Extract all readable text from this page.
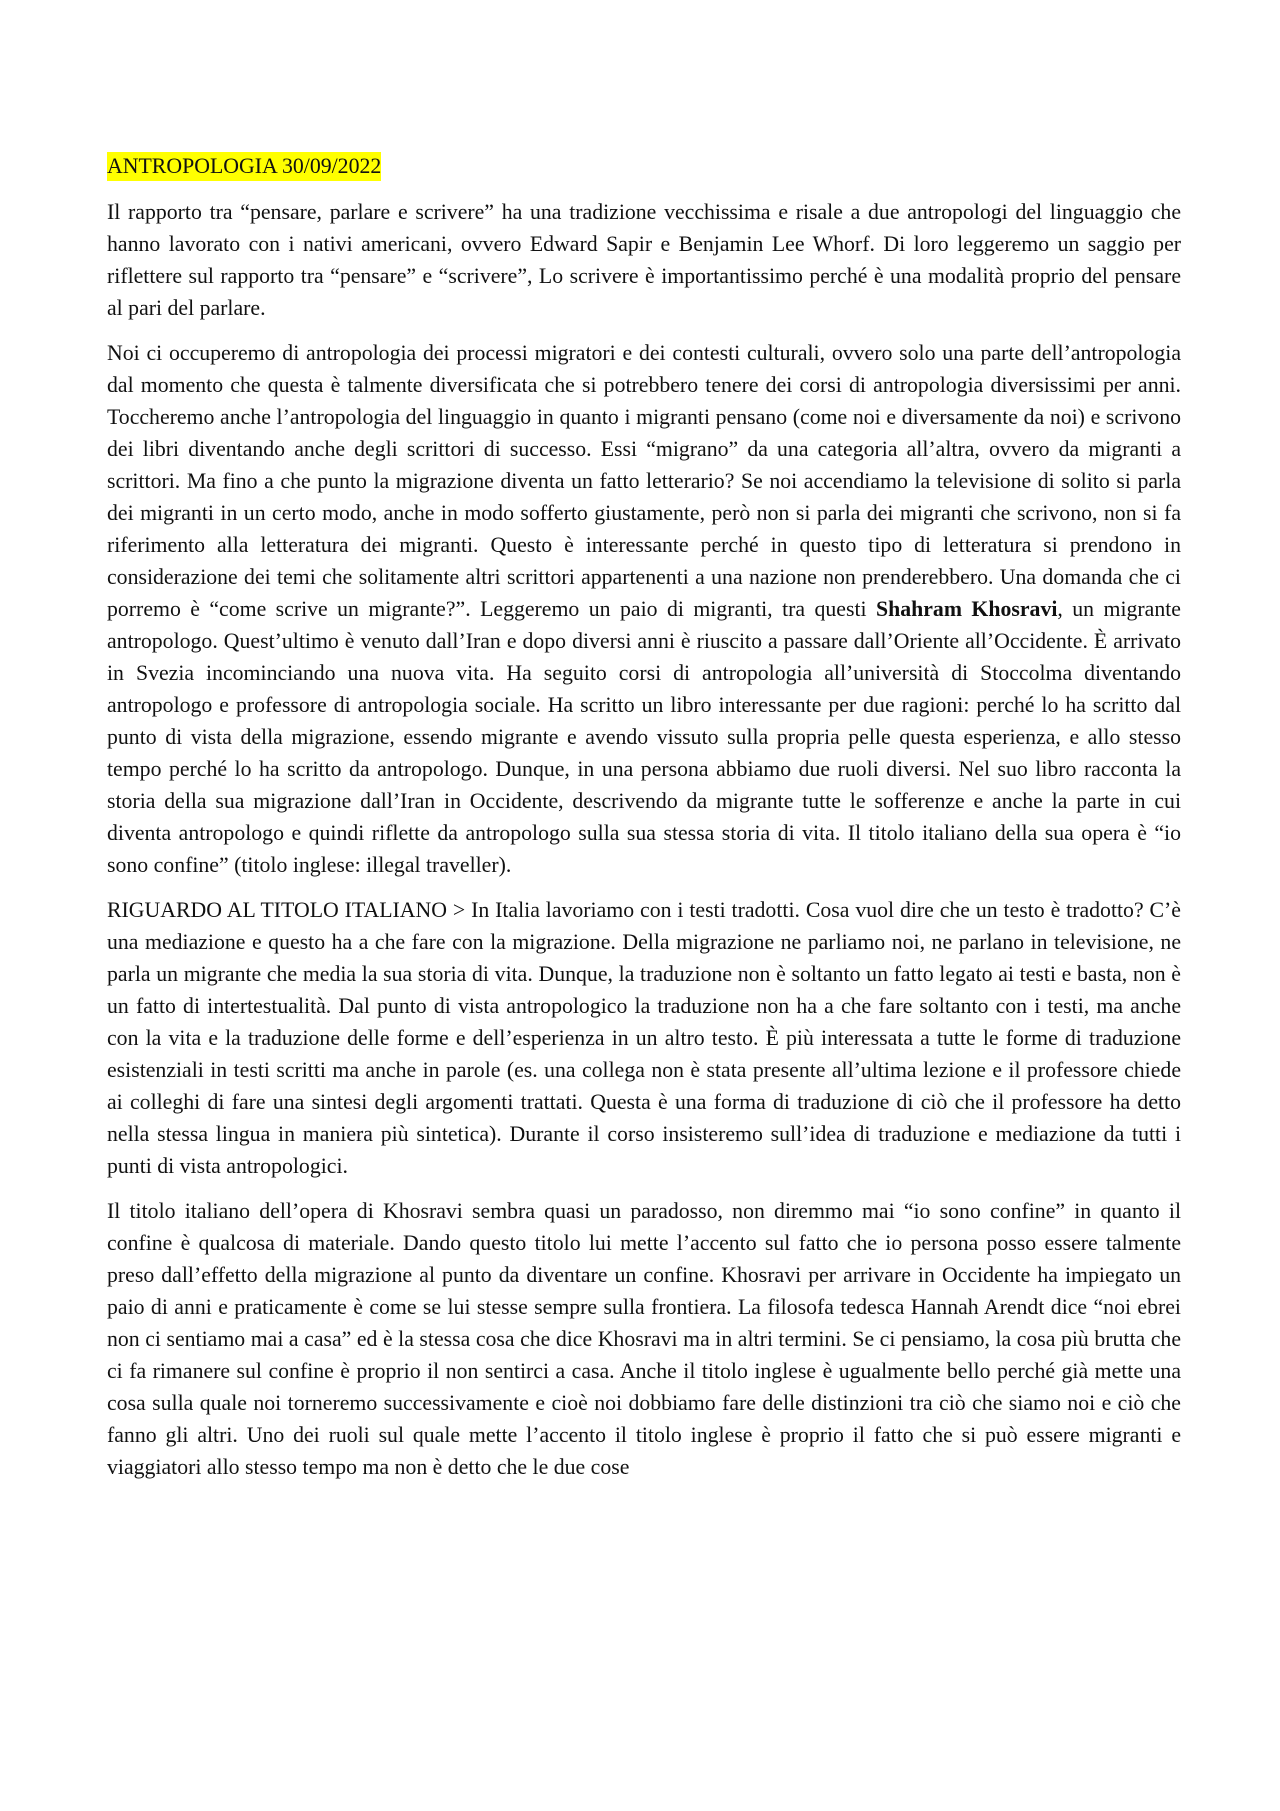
ANTROPOLOGIA 30/09/2022

Il rapporto tra “pensare, parlare e scrivere” ha una tradizione vecchissima e risale a due antropologi del linguaggio che hanno lavorato con i nativi americani, ovvero Edward Sapir e Benjamin Lee Whorf. Di loro leggeremo un saggio per riflettere sul rapporto tra “pensare” e “scrivere”, Lo scrivere è importantissimo perché è una modalità proprio del pensare al pari del parlare.

Noi ci occuperemo di antropologia dei processi migratori e dei contesti culturali, ovvero solo una parte dell’antropologia dal momento che questa è talmente diversificata che si potrebbero tenere dei corsi di antropologia diversissimi per anni. Toccheremo anche l’antropologia del linguaggio in quanto i migranti pensano (come noi e diversamente da noi) e scrivono dei libri diventando anche degli scrittori di successo. Essi “migrano” da una categoria all’altra, ovvero da migranti a scrittori. Ma fino a che punto la migrazione diventa un fatto letterario? Se noi accendiamo la televisione di solito si parla dei migranti in un certo modo, anche in modo sofferto giustamente, però non si parla dei migranti che scrivono, non si fa riferimento alla letteratura dei migranti. Questo è interessante perché in questo tipo di letteratura si prendono in considerazione dei temi che solitamente altri scrittori appartenenti a una nazione non prenderebbero. Una domanda che ci porremo è “come scrive un migrante?”. Leggeremo un paio di migranti, tra questi Shahram Khosravi, un migrante antropologo. Quest’ultimo è venuto dall’Iran e dopo diversi anni è riuscito a passare dall’Oriente all’Occidente. È arrivato in Svezia incominciando una nuova vita. Ha seguito corsi di antropologia all’università di Stoccolma diventando antropologo e professore di antropologia sociale. Ha scritto un libro interessante per due ragioni: perché lo ha scritto dal punto di vista della migrazione, essendo migrante e avendo vissuto sulla propria pelle questa esperienza, e allo stesso tempo perché lo ha scritto da antropologo. Dunque, in una persona abbiamo due ruoli diversi. Nel suo libro racconta la storia della sua migrazione dall’Iran in Occidente, descrivendo da migrante tutte le sofferenze e anche la parte in cui diventa antropologo e quindi riflette da antropologo sulla sua stessa storia di vita. Il titolo italiano della sua opera è “io sono confine” (titolo inglese: illegal traveller).

RIGUARDO AL TITOLO ITALIANO > In Italia lavoriamo con i testi tradotti. Cosa vuol dire che un testo è tradotto? C’è una mediazione e questo ha a che fare con la migrazione. Della migrazione ne parliamo noi, ne parlano in televisione, ne parla un migrante che media la sua storia di vita. Dunque, la traduzione non è soltanto un fatto legato ai testi e basta, non è un fatto di intertestualità. Dal punto di vista antropologico la traduzione non ha a che fare soltanto con i testi, ma anche con la vita e la traduzione delle forme e dell’esperienza in un altro testo. È più interessata a tutte le forme di traduzione esistenziali in testi scritti ma anche in parole (es. una collega non è stata presente all’ultima lezione e il professore chiede ai colleghi di fare una sintesi degli argomenti trattati. Questa è una forma di traduzione di ciò che il professore ha detto nella stessa lingua in maniera più sintetica). Durante il corso insisteremo sull’idea di traduzione e mediazione da tutti i punti di vista antropologici.

Il titolo italiano dell’opera di Khosravi sembra quasi un paradosso, non diremmo mai “io sono confine” in quanto il confine è qualcosa di materiale. Dando questo titolo lui mette l’accento sul fatto che io persona posso essere talmente preso dall’effetto della migrazione al punto da diventare un confine. Khosravi per arrivare in Occidente ha impiegato un paio di anni e praticamente è come se lui stesse sempre sulla frontiera. La filosofa tedesca Hannah Arendt dice “noi ebrei non ci sentiamo mai a casa” ed è la stessa cosa che dice Khosravi ma in altri termini. Se ci pensiamo, la cosa più brutta che ci fa rimanere sul confine è proprio il non sentirci a casa. Anche il titolo inglese è ugualmente bello perché già mette una cosa sulla quale noi torneremo successivamente e cioè noi dobbiamo fare delle distinzioni tra ciò che siamo noi e ciò che fanno gli altri. Uno dei ruoli sul quale mette l’accento il titolo inglese è proprio il fatto che si può essere migranti e viaggiatori allo stesso tempo ma non è detto che le due cose
